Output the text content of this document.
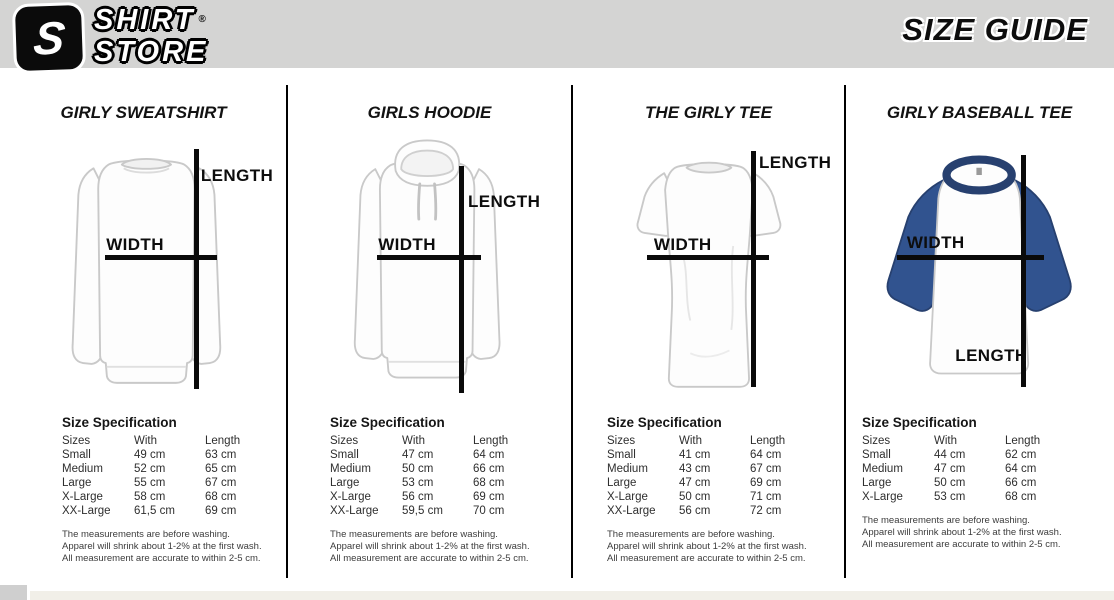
S SHIRT ®
STORE
SIZE GUIDE
GIRLY SWEATSHIRT
WIDTH
LENGTH
Size Specification
Sizes	With	Length
Small	49 cm	63 cm
Medium	52 cm	65 cm
Large	55 cm	67 cm
X-Large	58 cm	68 cm
XX-Large	61,5 cm	69 cm
The measurements are before washing.
Apparel will shrink about 1-2% at the first wash.
All measurement are accurate to within 2-5 cm.
GIRLS HOODIE
WIDTH
LENGTH
Size Specification
Sizes	With	Length
Small	47 cm	64 cm
Medium	50 cm	66 cm
Large	53 cm	68 cm
X-Large	56 cm	69 cm
XX-Large	59,5 cm	70 cm
The measurements are before washing.
Apparel will shrink about 1-2% at the first wash.
All measurement are accurate to within 2-5 cm.
THE GIRLY TEE
WIDTH
LENGTH
Size Specification
Sizes	With	Length
Small	41 cm	64 cm
Medium	43 cm	67 cm
Large	47 cm	69 cm
X-Large	50 cm	71 cm
XX-Large	56 cm	72 cm
The measurements are before washing.
Apparel will shrink about 1-2% at the first wash.
All measurement are accurate to within 2-5 cm.
GIRLY BASEBALL TEE
WIDTH
LENGTH
Size Specification
Sizes	With	Length
Small	44 cm	62 cm
Medium	47 cm	64 cm
Large	50 cm	66 cm
X-Large	53 cm	68 cm
The measurements are before washing.
Apparel will shrink about 1-2% at the first wash.
All measurement are accurate to within 2-5 cm.
